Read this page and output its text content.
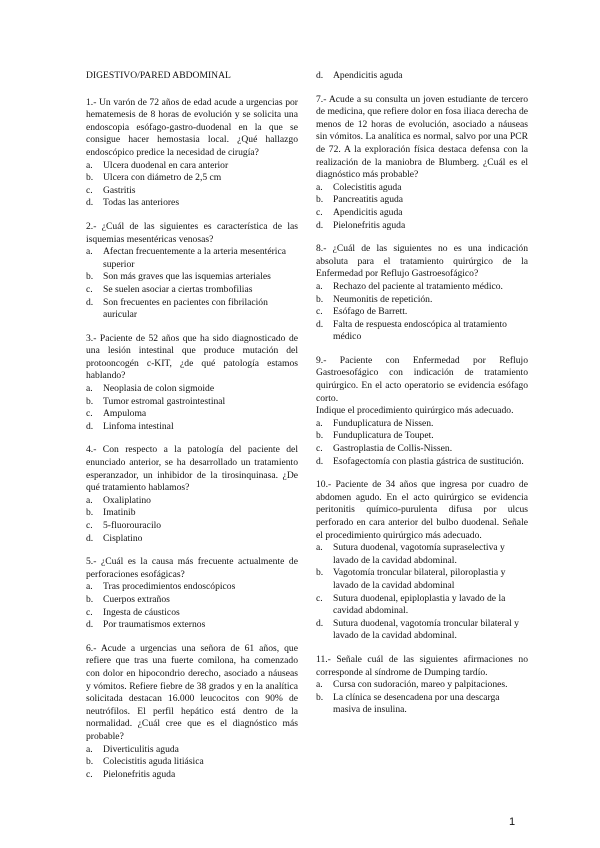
DIGESTIVO/PARED ABDOMINAL
1.- Un varón de 72 años de edad acude a urgencias por hematemesis de 8 horas de evolución y se solicita una endoscopia esófago-gastro-duodenal en la que se consigue hacer hemostasia local. ¿Qué hallazgo endoscópico predice la necesidad de cirugía?
a.	Ulcera duodenal en cara anterior
b.	Ulcera con diámetro de 2,5 cm
c.	Gastritis
d.	Todas las anteriores
2.- ¿Cuál de las siguientes es característica de las isquemias mesentéricas venosas?
a.	Afectan frecuentemente a la arteria mesentérica superior
b.	Son más graves que las isquemias arteriales
c.	Se suelen asociar a ciertas trombofilias
d.	Son frecuentes en pacientes con fibrilación auricular
3.- Paciente de 52 años que ha sido diagnosticado de una lesión intestinal que produce mutación del protooncogén c-KIT, ¿de qué patología estamos hablando?
a.	Neoplasia de colon sigmoide
b.	Tumor estromal gastrointestinal
c.	Ampuloma
d.	Linfoma intestinal
4.- Con respecto a la patología del paciente del enunciado anterior, se ha desarrollado un tratamiento esperanzador, un inhibidor de la tirosinquinasa. ¿De qué tratamiento hablamos?
a.	Oxaliplatino
b.	Imatinib
c.	5-fluorouracilo
d.	Cisplatino
5.- ¿Cuál es la causa más frecuente actualmente de perforaciones esofágicas?
a.	Tras procedimientos endoscópicos
b.	Cuerpos extraños
c.	Ingesta de cáusticos
d.	Por traumatismos externos
6.- Acude a urgencias una señora de 61 años, que refiere que tras una fuerte comilona, ha comenzado con dolor en hipocondrio derecho, asociado a náuseas y vómitos. Refiere fiebre de 38 grados y en la analítica solicitada destacan 16.000 leucocitos con 90% de neutrófilos. El perfil hepático está dentro de la normalidad. ¿Cuál cree que es el diagnóstico más probable?
a.	Diverticulitis aguda
b.	Colecistitis aguda litiásica
c.	Pielonefritis aguda
d.	Apendicitis aguda
7.- Acude a su consulta un joven estudiante de tercero de medicina, que refiere dolor en fosa iliaca derecha de menos de 12 horas de evolución, asociado a náuseas sin vómitos. La analítica es normal, salvo por una PCR de 72. A la exploración física destaca defensa con la realización de la maniobra de Blumberg. ¿Cuál es el diagnóstico más probable?
a.	Colecistitis aguda
b.	Pancreatitis aguda
c.	Apendicitis aguda
d.	Pielonefritis aguda
8.- ¿Cuál de las siguientes no es una indicación absoluta para el tratamiento quirúrgico de la Enfermedad por Reflujo Gastroesofágico?
a.	Rechazo del paciente al tratamiento médico.
b.	Neumonitis de repetición.
c.	Esófago de Barrett.
d.	Falta de respuesta endoscópica al tratamiento médico
9.- Paciente con Enfermedad por Reflujo Gastroesofágico con indicación de tratamiento quirúrgico. En el acto operatorio se evidencia esófago corto.
Indique el procedimiento quirúrgico más adecuado.
a.	Funduplicatura de Nissen.
b.	Funduplicatura de Toupet.
c.	Gastroplastia de Collis-Nissen.
d.	Esofagectomía con plastia gástrica de sustitución.
10.- Paciente de 34 años que ingresa por cuadro de abdomen agudo. En el acto quirúrgico se evidencia peritonitis químico-purulenta difusa por ulcus perforado en cara anterior del bulbo duodenal. Señale el procedimiento quirúrgico más adecuado.
a.	Sutura duodenal, vagotomía supraselectiva y lavado de la cavidad abdominal.
b.	Vagotomía troncular bilateral, piloroplastia y lavado de la cavidad abdominal
c.	Sutura duodenal, epiploplastia y lavado de la cavidad abdominal.
d.	Sutura duodenal, vagotomía troncular bilateral y lavado de la cavidad abdominal.
11.- Señale cuál de las siguientes afirmaciones no corresponde al síndrome de Dumping tardío.
a.	Cursa con sudoración, mareo y palpitaciones.
b.	La clínica se desencadena por una descarga masiva de insulina.
1
